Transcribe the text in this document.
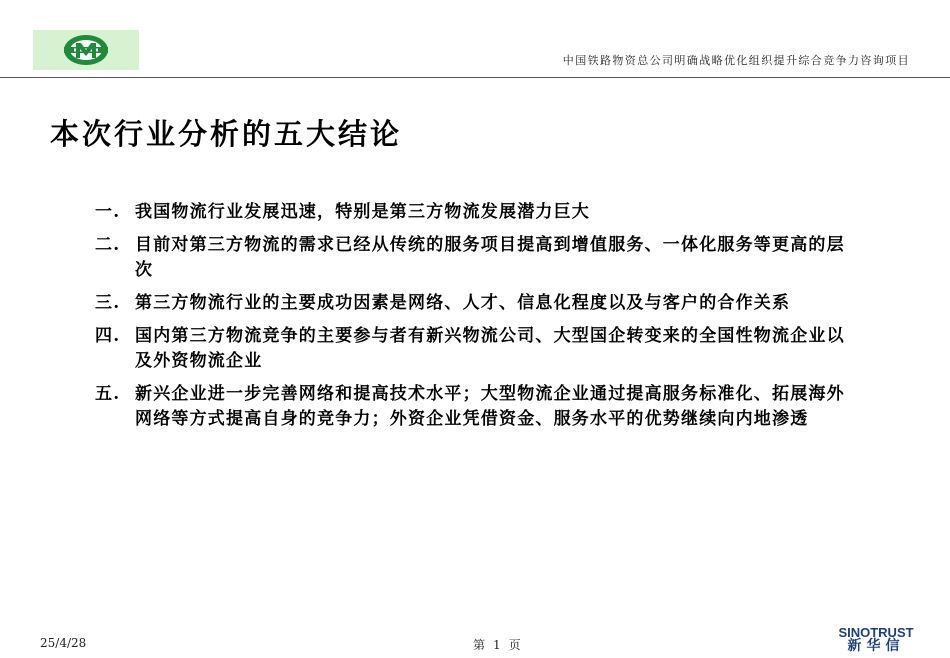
中国铁路物资总公司明确战略优化组织提升综合竞争力咨询项目
本次行业分析的五大结论
一. 我国物流行业发展迅速，特别是第三方物流发展潜力巨大
二. 目前对第三方物流的需求已经从传统的服务项目提高到增值服务、一体化服务等更高的层次
三. 第三方物流行业的主要成功因素是网络、人才、信息化程度以及与客户的合作关系
四. 国内第三方物流竞争的主要参与者有新兴物流公司、大型国企转变来的全国性物流企业以及外资物流企业
五. 新兴企业进一步完善网络和提高技术水平；大型物流企业通过提高服务标准化、拓展海外网络等方式提高自身的竞争力；外资企业凭借资金、服务水平的优势继续向内地渗透
25/4/28	第 1 页
SINOTRUST
新华信
